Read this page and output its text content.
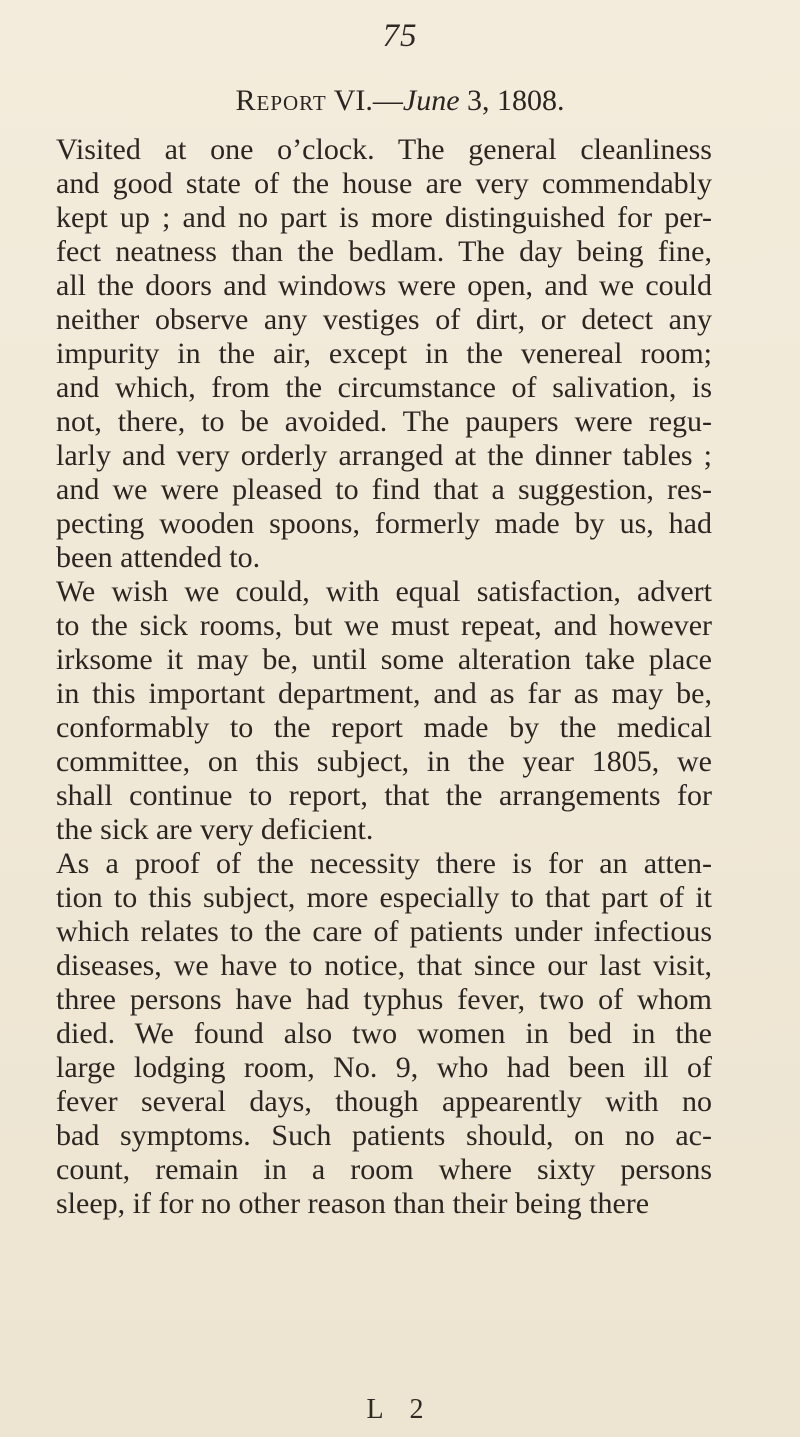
75
Report VI.—June 3, 1808.
Visited at one o’clock. The general cleanliness
and good state of the house are very commendably
kept up ; and no part is more distinguished for per-
fect neatness than the bedlam. The day being fine,
all the doors and windows were open, and we could
neither observe any vestiges of dirt, or detect any
impurity in the air, except in the venereal room;
and which, from the circumstance of salivation, is
not, there, to be avoided. The paupers were regu-
larly and very orderly arranged at the dinner tables ;
and we were pleased to find that a suggestion, res-
pecting wooden spoons, formerly made by us, had
been attended to.
We wish we could, with equal satisfaction, advert
to the sick rooms, but we must repeat, and however
irksome it may be, until some alteration take place
in this important department, and as far as may be,
conformably to the report made by the medical
committee, on this subject, in the year 1805, we
shall continue to report, that the arrangements for
the sick are very deficient.
As a proof of the necessity there is for an atten-
tion to this subject, more especially to that part of it
which relates to the care of patients under infectious
diseases, we have to notice, that since our last visit,
three persons have had typhus fever, two of whom
died. We found also two women in bed in the
large lodging room, No. 9, who had been ill of
fever several days, though appearently with no
bad symptoms. Such patients should, on no ac-
count, remain in a room where sixty persons
sleep, if for no other reason than their being there
L 2
